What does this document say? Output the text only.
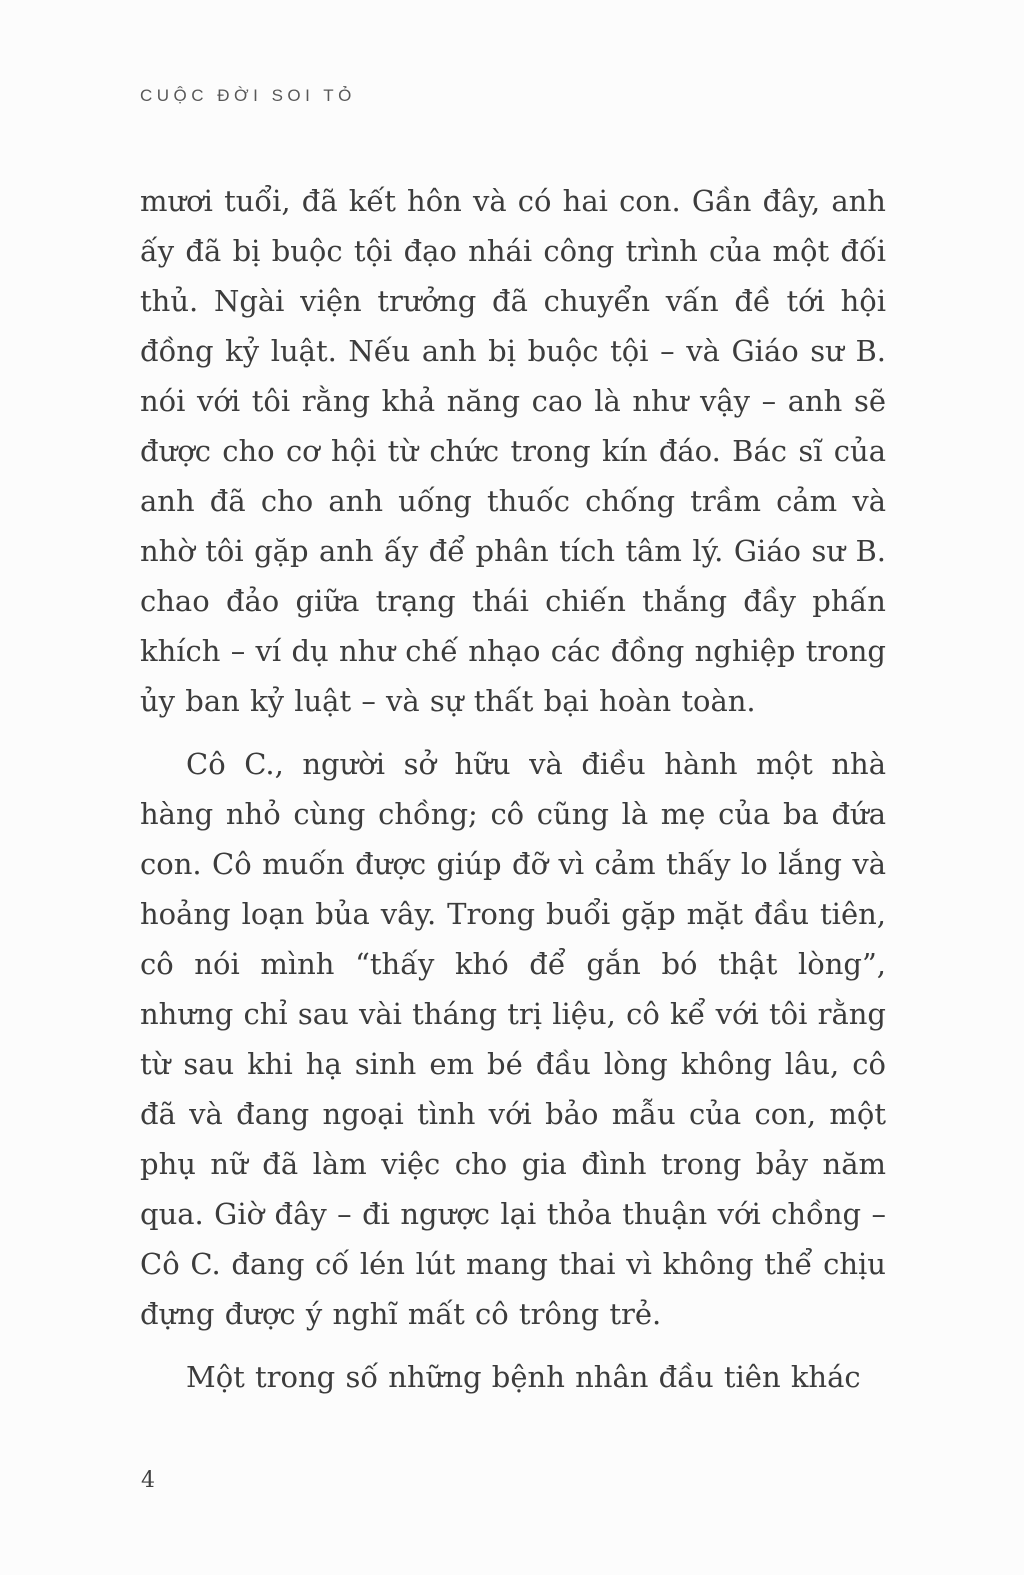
CUỘC ĐỜI SOI TỎ

mươi tuổi, đã kết hôn và có hai con. Gần đây, anh ấy đã bị buộc tội đạo nhái công trình của một đối thủ. Ngài viện trưởng đã chuyển vấn đề tới hội đồng kỷ luật. Nếu anh bị buộc tội – và Giáo sư B. nói với tôi rằng khả năng cao là như vậy – anh sẽ được cho cơ hội từ chức trong kín đáo. Bác sĩ của anh đã cho anh uống thuốc chống trầm cảm và nhờ tôi gặp anh ấy để phân tích tâm lý. Giáo sư B. chao đảo giữa trạng thái chiến thắng đầy phấn khích – ví dụ như chế nhạo các đồng nghiệp trong ủy ban kỷ luật – và sự thất bại hoàn toàn.

Cô C., người sở hữu và điều hành một nhà hàng nhỏ cùng chồng; cô cũng là mẹ của ba đứa con. Cô muốn được giúp đỡ vì cảm thấy lo lắng và hoảng loạn bủa vây. Trong buổi gặp mặt đầu tiên, cô nói mình “thấy khó để gắn bó thật lòng”, nhưng chỉ sau vài tháng trị liệu, cô kể với tôi rằng từ sau khi hạ sinh em bé đầu lòng không lâu, cô đã và đang ngoại tình với bảo mẫu của con, một phụ nữ đã làm việc cho gia đình trong bảy năm qua. Giờ đây – đi ngược lại thỏa thuận với chồng – Cô C. đang cố lén lút mang thai vì không thể chịu đựng được ý nghĩ mất cô trông trẻ.

Một trong số những bệnh nhân đầu tiên khác

4
